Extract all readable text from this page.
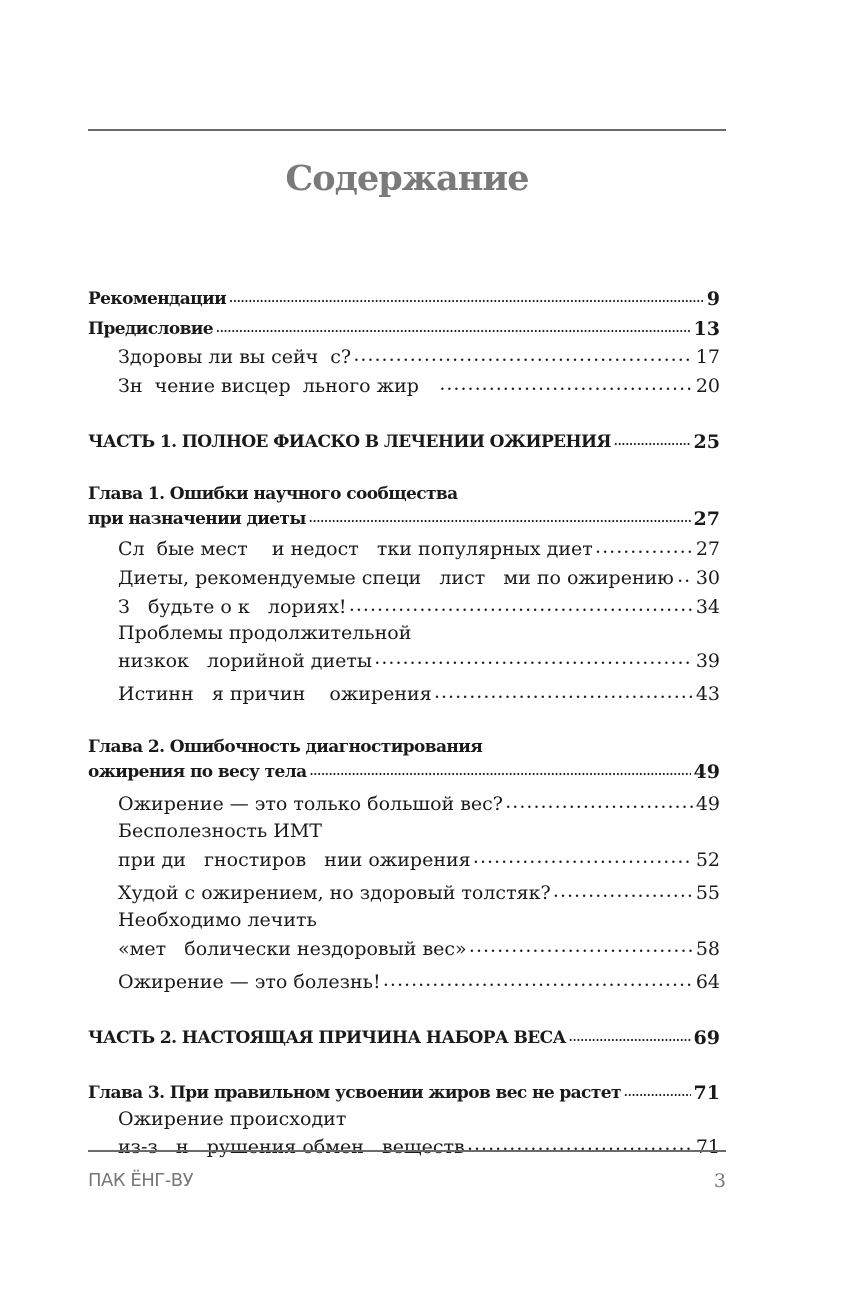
Содержание
Рекомендации .....	9
Предисловие .....	13
Здоровы ли вы сейч  с? . .	17
Зн  чение висцер  льного жир . .	20
ЧАСТЬ 1. ПОЛНОЕ ФИАСКО В ЛЕЧЕНИИ ОЖИРЕНИЯ .....	25
Глава 1. Ошибки научного сообщества
при назначении диеты .....	27
Сл  бые мест    и недост   тки популярных диет . .	27
Диеты, рекомендуемые специ   лист   ми по ожирению . . 30
З   будьте о к   лориях! . .	34
Проблемы продолжительной
низкок   лорийной диеты . .	39
Истинн   я причин    ожирения . .	43
Глава 2. Ошибочность диагностирования
ожирения по весу тела .....	49
Ожирение — это только большой вес? . .	49
Бесполезность ИМТ
при ди   гностиров   нии ожирения . .	52
Худой с ожирением, но здоровый толстяк? . .	55
Необходимо лечить
«мет   болически нездоровый вес» . .	58
Ожирение — это болезнь! . .	64
ЧАСТЬ 2. НАСТОЯЩАЯ ПРИЧИНА НАБОРА ВЕСА .....	69
Глава 3. При правильном усвоении жиров вес не растет .....	71
Ожирение происходит
из-з   н   рушения обмен   веществ . .	71
ПАК ЁНГ-ВУ	3
